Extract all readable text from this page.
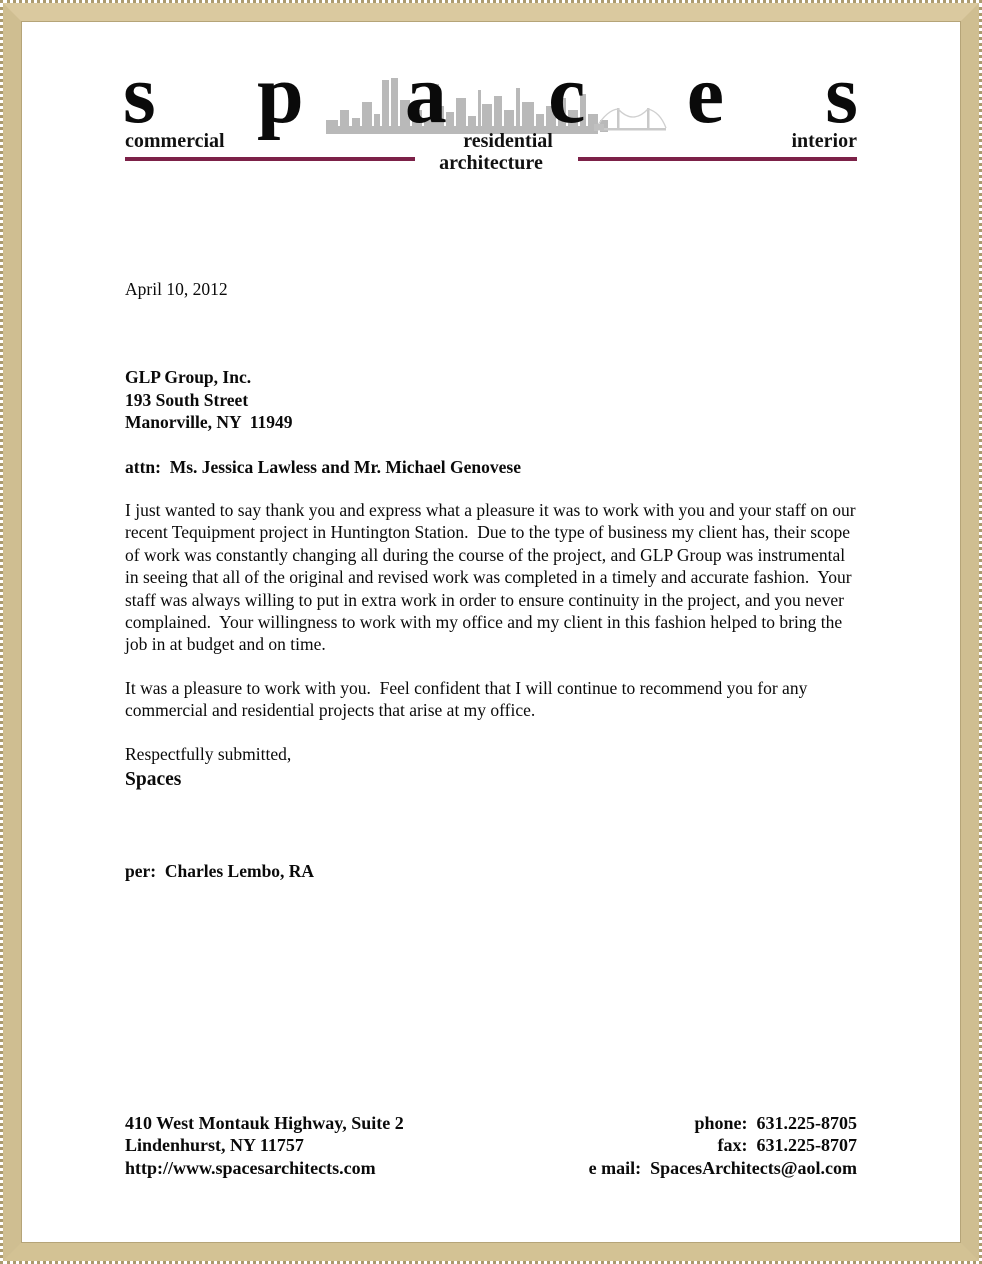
s p a c e s
commercial	residential	interior
architecture

April 10, 2012

GLP Group, Inc.

193 South Street

Manorville, NY  11949

attn:  Ms. Jessica Lawless and Mr. Michael Genovese

I just wanted to say thank you and express what a pleasure it was to work with you and your staff on our recent Tequipment project in Huntington Station.  Due to the type of business my client has, their scope of work was constantly changing all during the course of the project, and GLP Group was instrumental in seeing that all of the original and revised work was completed in a timely and accurate fashion.  Your staff was always willing to put in extra work in order to ensure continuity in the project, and you never complained.  Your willingness to work with my office and my client in this fashion helped to bring the job in at budget and on time.

It was a pleasure to work with you.  Feel confident that I will continue to recommend you for any commercial and residential projects that arise at my office.

Respectfully submitted,

Spaces

per:  Charles Lembo, RA

410 West Montauk Highway, Suite 2

Lindenhurst, NY 11757

http://www.spacesarchitects.com

phone:  631.225-8705

fax:  631.225-8707

e mail:  SpacesArchitects@aol.com
